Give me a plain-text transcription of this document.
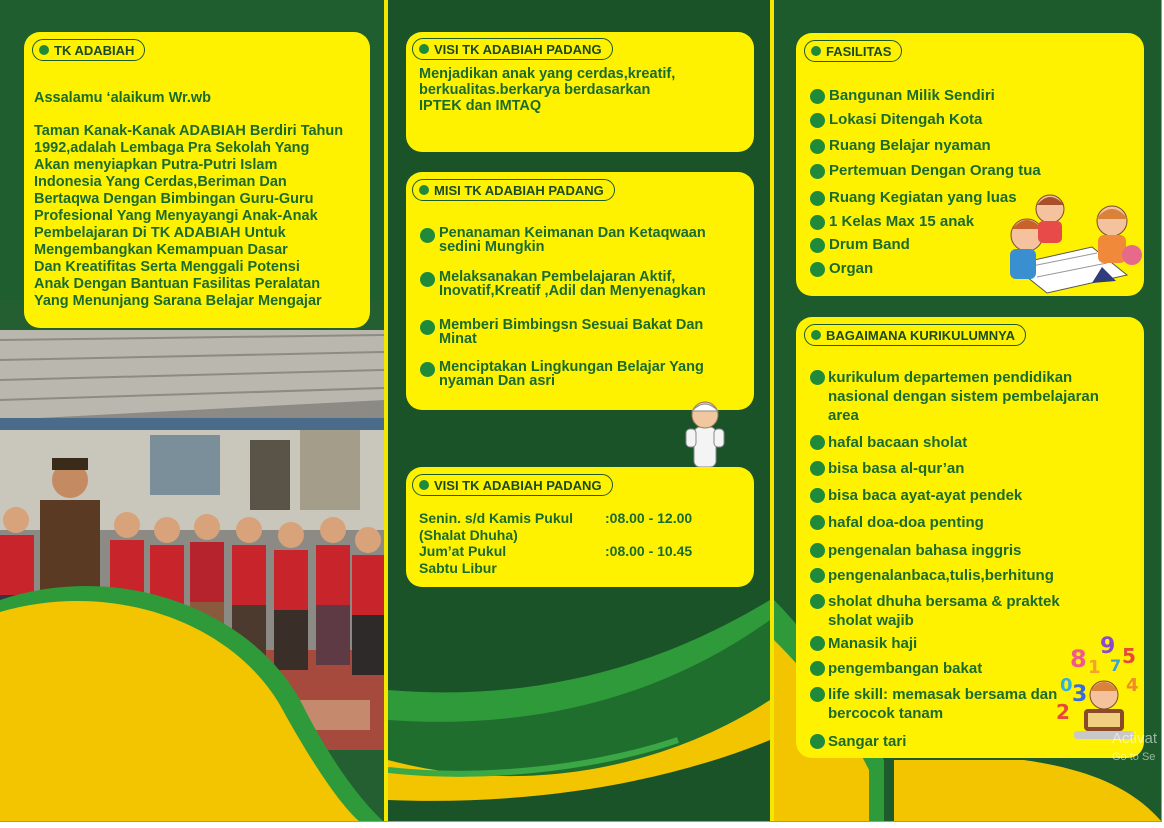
TK ADABIAH
Assalamu ‘alaikum Wr.wb
Taman Kanak-Kanak ADABIAH Berdiri Tahun
1992,adalah Lembaga Pra Sekolah Yang
Akan menyiapkan Putra-Putri Islam
Indonesia Yang Cerdas,Beriman Dan
Bertaqwa Dengan Bimbingan Guru-Guru
Profesional Yang Menyayangi Anak-Anak
Pembelajaran Di TK ADABIAH Untuk
Mengembangkan Kemampuan Dasar
Dan Kreatifitas Serta Menggali Potensi
Anak Dengan Bantuan Fasilitas Peralatan
Yang Menunjang Sarana Belajar Mengajar
VISI TK ADABIAH PADANG
Menjadikan anak yang cerdas,kreatif,
berkualitas.berkarya berdasarkan
IPTEK dan IMTAQ
MISI TK ADABIAH PADANG
Penanaman Keimanan Dan Ketaqwaan
sedini Mungkin
Melaksanakan Pembelajaran Aktif,
Inovatif,Kreatif ,Adil dan Menyenagkan
Memberi Bimbingsn Sesuai Bakat Dan
Minat
Menciptakan Lingkungan Belajar Yang
nyaman Dan asri
VISI TK ADABIAH PADANG
Senin. s/d Kamis Pukul	:08.00 - 12.00
(Shalat Dhuha)
Jum’at Pukul	:08.00 - 10.45
Sabtu Libur
FASILITAS
Bangunan Milik Sendiri
Lokasi Ditengah Kota
Ruang Belajar nyaman
Pertemuan Dengan Orang tua
Ruang Kegiatan yang luas
1 Kelas Max 15 anak
Drum Band
Organ
BAGAIMANA KURIKULUMNYA
kurikulum departemen pendidikan
nasional dengan sistem pembelajaran
area
hafal bacaan sholat
bisa basa al-qur’an
bisa baca ayat-ayat pendek
hafal doa-doa penting
pengenalan bahasa inggris
pengenalanbaca,tulis,berhitung
sholat dhuha bersama & praktek
sholat wajib
Manasik haji
pengembangan bakat
life skill: memasak bersama dan
bercocok tanam
Sangar tari
8 1
9
7 5
0 3 4
2
Activat
Go to Se
